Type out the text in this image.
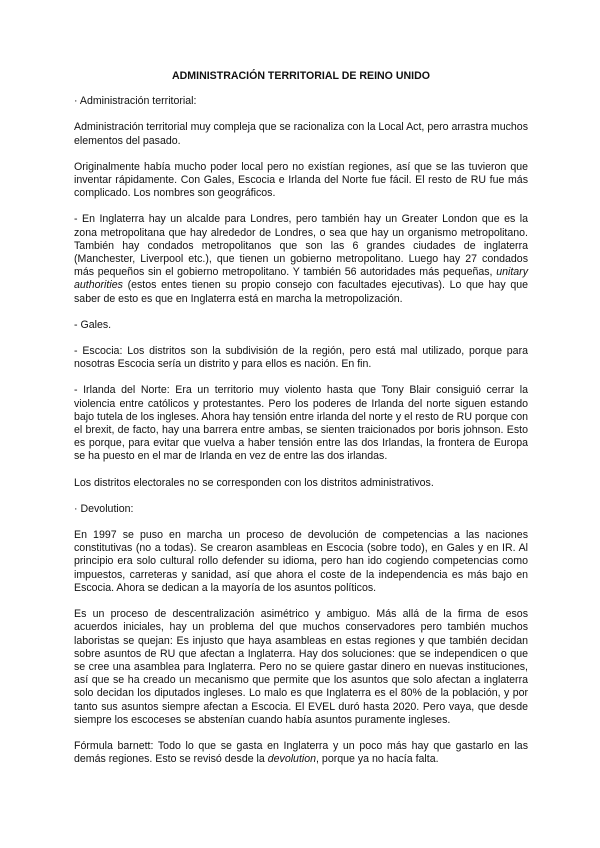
ADMINISTRACIÓN TERRITORIAL DE REINO UNIDO

· Administración territorial:

Administración territorial muy compleja que se racionaliza con la Local Act, pero arrastra muchos elementos del pasado.

Originalmente había mucho poder local pero no existían regiones, así que se las tuvieron que inventar rápidamente. Con Gales, Escocia e Irlanda del Norte fue fácil. El resto de RU fue más complicado. Los nombres son geográficos.

- En Inglaterra hay un alcalde para Londres, pero también hay un Greater London que es la zona metropolitana que hay alrededor de Londres, o sea que hay un organismo metropolitano. También hay condados metropolitanos que son las 6 grandes ciudades de inglaterra (Manchester, Liverpool etc.), que tienen un gobierno metropolitano. Luego hay 27 condados más pequeños sin el gobierno metropolitano. Y también 56 autoridades más pequeñas, unitary authorities (estos entes tienen su propio consejo con facultades ejecutivas). Lo que hay que saber de esto es que en Inglaterra está en marcha la metropolización.

- Gales.

- Escocia: Los distritos son la subdivisión de la región, pero está mal utilizado, porque para nosotras Escocia sería un distrito y para ellos es nación. En fin.

- Irlanda del Norte: Era un territorio muy violento hasta que Tony Blair consiguió cerrar la violencia entre católicos y protestantes. Pero los poderes de Irlanda del norte siguen estando bajo tutela de los ingleses. Ahora hay tensión entre irlanda del norte y el resto de RU porque con el brexit, de facto, hay una barrera entre ambas, se sienten traicionados por boris johnson. Esto es porque, para evitar que vuelva a haber tensión entre las dos Irlandas, la frontera de Europa se ha puesto en el mar de Irlanda en vez de entre las dos irlandas.

Los distritos electorales no se corresponden con los distritos administrativos.

· Devolution:

En 1997 se puso en marcha un proceso de devolución de competencias a las naciones constitutivas (no a todas). Se crearon asambleas en Escocia (sobre todo), en Gales y en IR. Al principio era solo cultural rollo defender su idioma, pero han ido cogiendo competencias como impuestos, carreteras y sanidad, así que ahora el coste de la independencia es más bajo en Escocia. Ahora se dedican a la mayoría de los asuntos políticos.

Es un proceso de descentralización asimétrico y ambiguo. Más allá de la firma de esos acuerdos iniciales, hay un problema del que muchos conservadores pero también muchos laboristas se quejan: Es injusto que haya asambleas en estas regiones y que también decidan sobre asuntos de RU que afectan a Inglaterra. Hay dos soluciones: que se independicen o que se cree una asamblea para Inglaterra. Pero no se quiere gastar dinero en nuevas instituciones, así que se ha creado un mecanismo que permite que los asuntos que solo afectan a inglaterra solo decidan los diputados ingleses. Lo malo es que Inglaterra es el 80% de la población, y por tanto sus asuntos siempre afectan a Escocia. El EVEL duró hasta 2020. Pero vaya, que desde siempre los escoceses se abstenían cuando había asuntos puramente ingleses.

Fórmula barnett: Todo lo que se gasta en Inglaterra y un poco más hay que gastarlo en las demás regiones. Esto se revisó desde la devolution, porque ya no hacía falta.
